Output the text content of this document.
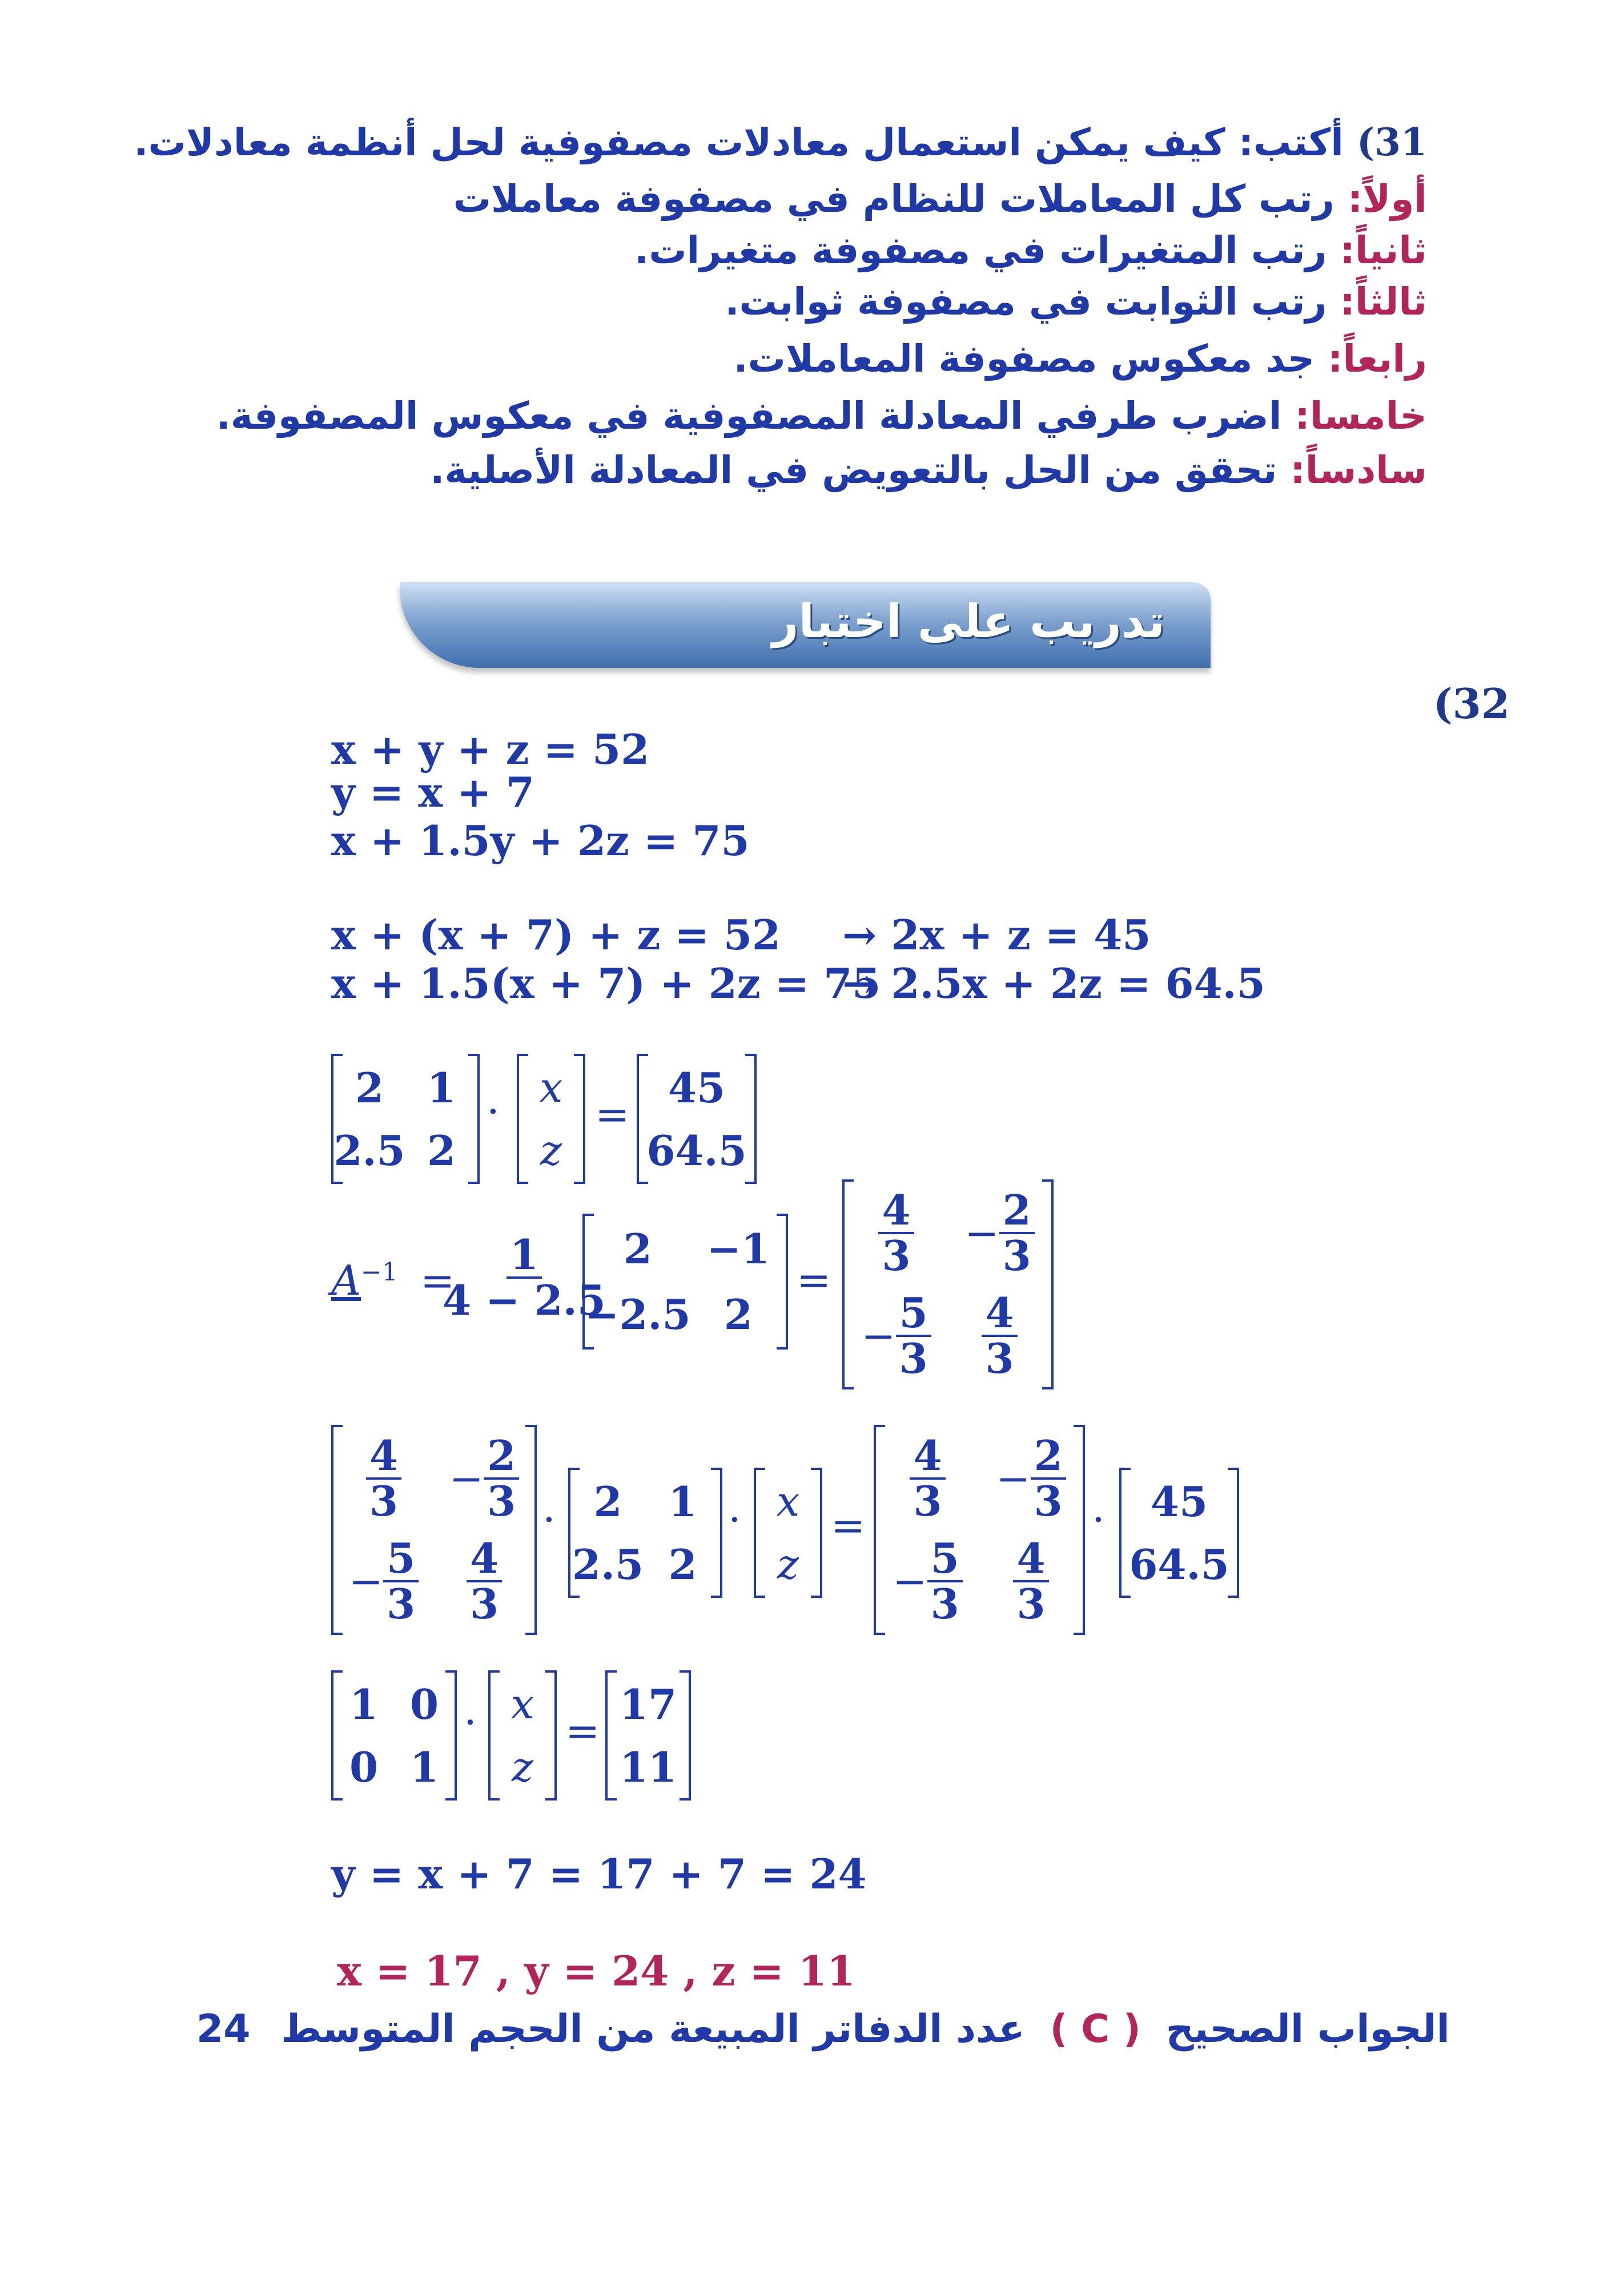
31) أكتب: كيف يمكن استعمال معادلات مصفوفية لحل أنظمة معادلات.
أولاً: رتب كل المعاملات للنظام في مصفوفة معاملات
ثانياً: رتب المتغيرات في مصفوفة متغيرات.
ثالثاً: رتب الثوابت في مصفوفة ثوابت.
رابعاً: جد معكوس مصفوفة المعاملات.
خامسا: اضرب طرفي المعادلة المصفوفية في معكوس المصفوفة.
سادساً: تحقق من الحل بالتعويض في المعادلة الأصلية.
تدريب على اختبار
(32
x + y + z = 52
y = x + 7
x + 1.5y + 2z = 75
x + (x + 7) + z = 52 → 2x + z = 45
x + 1.5(x + 7) + 2z = 75
→ 2.5x + 2z = 64.5
2 1
2.5 2
· x
z
=
45
64.5
$A^{-1}$ =
$\frac{1}{4 - 2.5} 2 -1$
−2.5 2
=
$\frac{4}{3} - \frac{2}{3}$
− $\frac{5}{3} \frac{4}{3}$
$\frac{4}{3} - \frac{2}{3}$
− $\frac{5}{3} \frac{4}{3}$
· 2 1
2.5 2
· x
z
=
$\frac{4}{3} - \frac{2}{3}$
− $\frac{5}{3} \frac{4}{3}$
· 45
64.5
1 0
0 1
· x
z
=
17
11
y = x + 7 = 17 + 7 = 24
x = 17 , y = 24 , z = 11
الجواب الصحيح ( C ) عدد الدفاتر المبيعة من الحجم المتوسط 24
